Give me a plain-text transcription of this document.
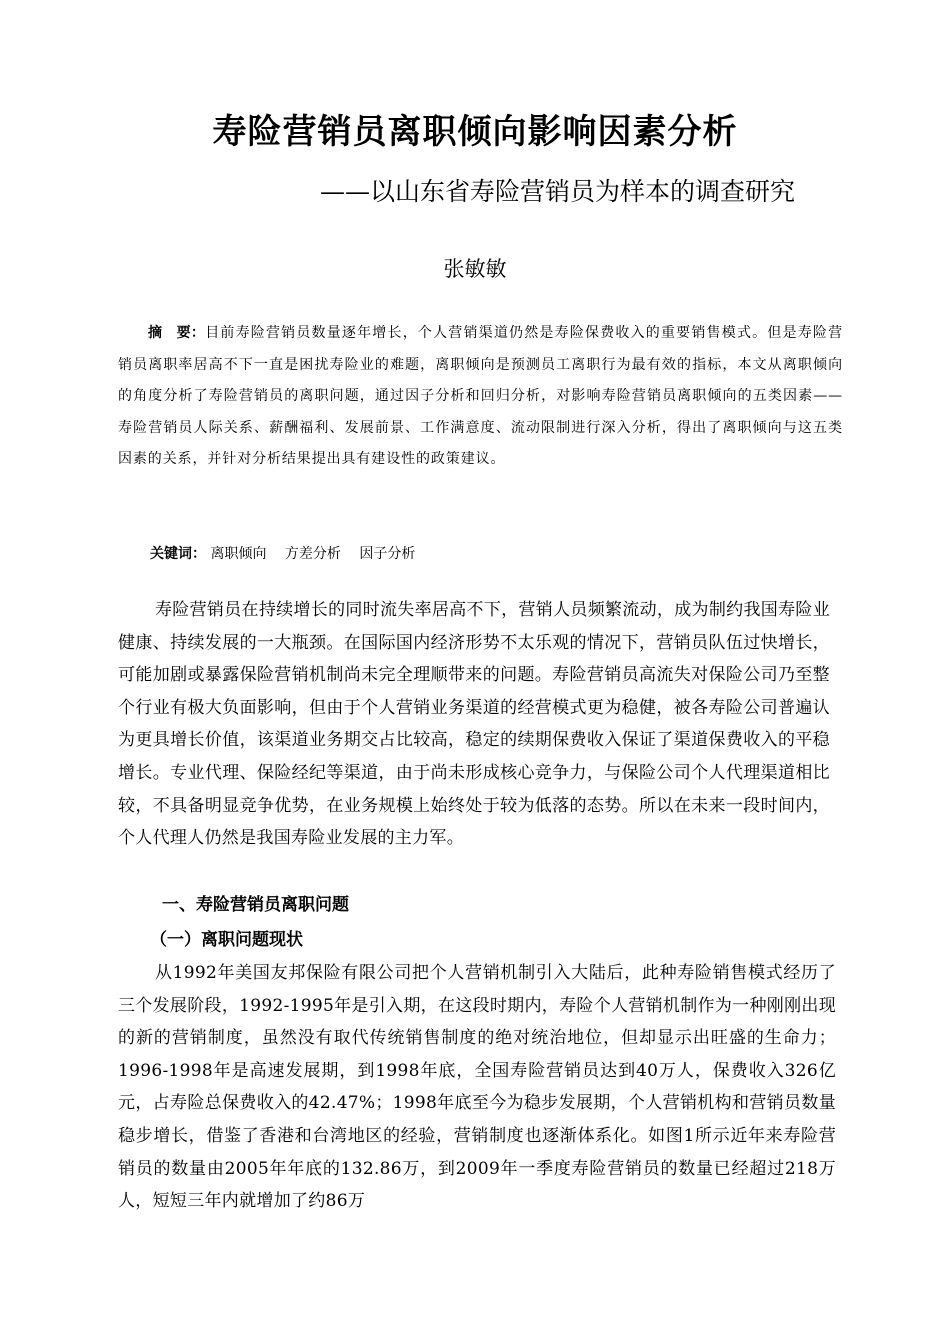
寿险营销员离职倾向影响因素分析
——以山东省寿险营销员为样本的调查研究
张敏敏
摘　要：目前寿险营销员数量逐年增长，个人营销渠道仍然是寿险保费收入的重要销售模式。但是寿险营销员离职率居高不下一直是困扰寿险业的难题，离职倾向是预测员工离职行为最有效的指标，本文从离职倾向的角度分析了寿险营销员的离职问题，通过因子分析和回归分析，对影响寿险营销员离职倾向的五类因素——寿险营销员人际关系、薪酬福利、发展前景、工作满意度、流动限制进行深入分析，得出了离职倾向与这五类因素的关系，并针对分析结果提出具有建设性的政策建议。
关键词： 离职倾向 方差分析 因子分析
寿险营销员在持续增长的同时流失率居高不下，营销人员频繁流动，成为制约我国寿险业健康、持续发展的一大瓶颈。在国际国内经济形势不太乐观的情况下，营销员队伍过快增长，可能加剧或暴露保险营销机制尚未完全理顺带来的问题。寿险营销员高流失对保险公司乃至整个行业有极大负面影响，但由于个人营销业务渠道的经营模式更为稳健，被各寿险公司普遍认为更具增长价值，该渠道业务期交占比较高，稳定的续期保费收入保证了渠道保费收入的平稳增长。专业代理、保险经纪等渠道，由于尚未形成核心竞争力，与保险公司个人代理渠道相比较，不具备明显竞争优势，在业务规模上始终处于较为低落的态势。所以在未来一段时间内，个人代理人仍然是我国寿险业发展的主力军。
一、寿险营销员离职问题
（一）离职问题现状
从1992年美国友邦保险有限公司把个人营销机制引入大陆后，此种寿险销售模式经历了三个发展阶段，1992-1995年是引入期，在这段时期内，寿险个人营销机制作为一种刚刚出现的新的营销制度，虽然没有取代传统销售制度的绝对统治地位，但却显示出旺盛的生命力；1996-1998年是高速发展期，到1998年底，全国寿险营销员达到40万人，保费收入326亿元，占寿险总保费收入的42.47%；1998年底至今为稳步发展期，个人营销机构和营销员数量稳步增长，借鉴了香港和台湾地区的经验，营销制度也逐渐体系化。如图1所示近年来寿险营销员的数量由2005年年底的132.86万，到2009年一季度寿险营销员的数量已经超过218万人，短短三年内就增加了约86万
